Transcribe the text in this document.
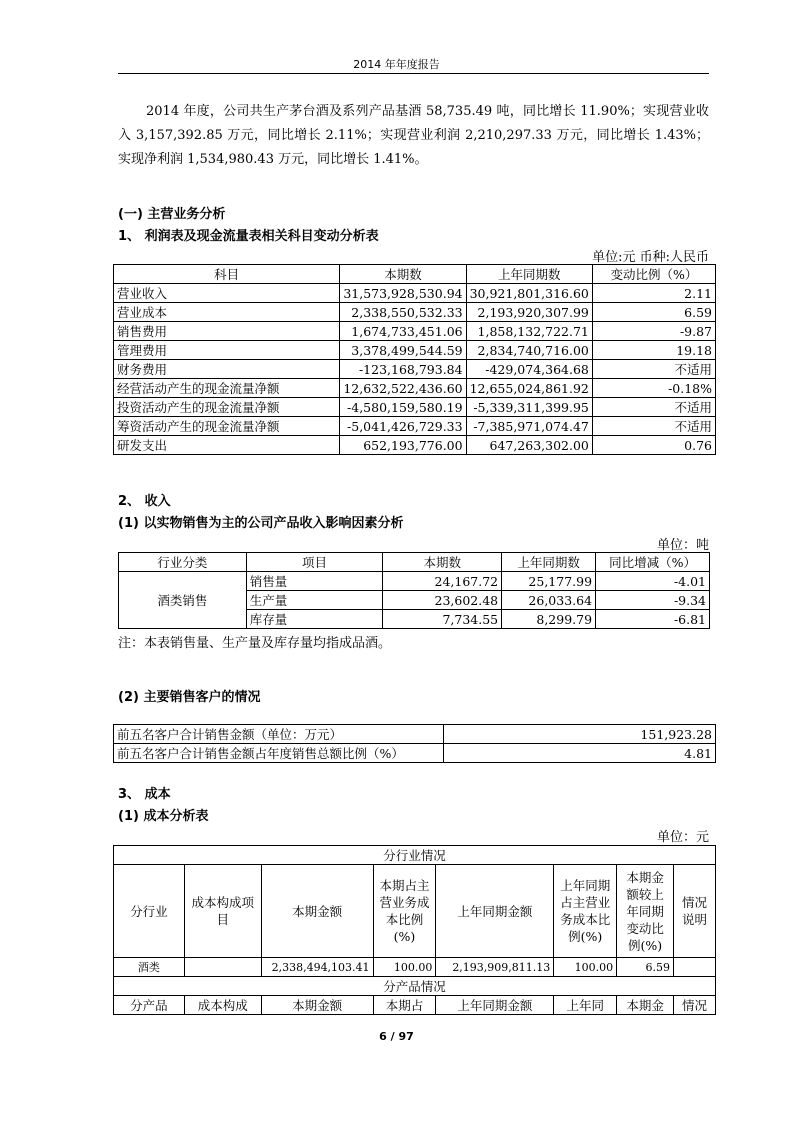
2014 年年度报告
2014 年度，公司共生产茅台酒及系列产品基酒 58,735.49 吨，同比增长 11.90%；实现营业收入 3,157,392.85 万元，同比增长 2.11%；实现营业利润 2,210,297.33 万元，同比增长 1.43%；实现净利润 1,534,980.43 万元，同比增长 1.41%。
(一) 主营业务分析
1、 利润表及现金流量表相关科目变动分析表
单位:元 币种:人民币
科目	本期数	上年同期数	变动比例（%）
营业收入	31,573,928,530.94	30,921,801,316.60	2.11
营业成本	2,338,550,532.33	2,193,920,307.99	6.59
销售费用	1,674,733,451.06	1,858,132,722.71	-9.87
管理费用	3,378,499,544.59	2,834,740,716.00	19.18
财务费用	-123,168,793.84	-429,074,364.68	不适用
经营活动产生的现金流量净额	12,632,522,436.60	12,655,024,861.92	-0.18%
投资活动产生的现金流量净额	-4,580,159,580.19	-5,339,311,399.95	不适用
筹资活动产生的现金流量净额	-5,041,426,729.33	-7,385,971,074.47	不适用
研发支出	652,193,776.00	647,263,302.00	0.76
2、 收入
(1) 以实物销售为主的公司产品收入影响因素分析
单位：吨
行业分类	项目	本期数	上年同期数	同比增减（%）
酒类销售	销售量	24,167.72	25,177.99	-4.01
	生产量	23,602.48	26,033.64	-9.34
	库存量	7,734.55	8,299.79	-6.81
注：本表销售量、生产量及库存量均指成品酒。
(2) 主要销售客户的情况
前五名客户合计销售金额（单位：万元）	151,923.28
前五名客户合计销售金额占年度销售总额比例（%）	4.81
3、 成本
(1) 成本分析表
单位：元
分行业情况							
分行业	成本构成项目	本期金额	本期占主营业务成本比例(%)	上年同期金额	上年同期占主营业务成本比例(%)	本期金额较上年同期变动比例(%)	情况说明
酒类		2,338,494,103.41	100.00	2,193,909,811.13	100.00	6.59	
分产品情况							
分产品	成本构成	本期金额	本期占	上年同期金额	上年同	本期金	情况
6 / 97
